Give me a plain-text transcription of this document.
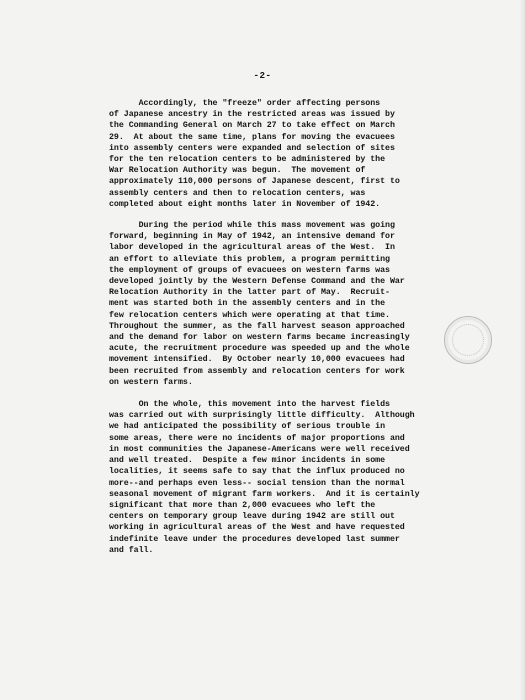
-2-
Accordingly, the "freeze" order affecting persons
of Japanese ancestry in the restricted areas was issued by
the Commanding General on March 27 to take effect on March
29.  At about the same time, plans for moving the evacuees
into assembly centers were expanded and selection of sites
for the ten relocation centers to be administered by the
War Relocation Authority was begun.  The movement of
approximately 110,000 persons of Japanese descent, first to
assembly centers and then to relocation centers, was
completed about eight months later in November of 1942.
During the period while this mass movement was going
forward, beginning in May of 1942, an intensive demand for
labor developed in the agricultural areas of the West.  In
an effort to alleviate this problem, a program permitting
the employment of groups of evacuees on western farms was
developed jointly by the Western Defense Command and the War
Relocation Authority in the latter part of May.  Recruit-
ment was started both in the assembly centers and in the
few relocation centers which were operating at that time.
Throughout the summer, as the fall harvest season approached
and the demand for labor on western farms became increasingly
acute, the recruitment procedure was speeded up and the whole
movement intensified.  By October nearly 10,000 evacuees had
been recruited from assembly and relocation centers for work
on western farms.
On the whole, this movement into the harvest fields
was carried out with surprisingly little difficulty.  Although
we had anticipated the possibility of serious trouble in
some areas, there were no incidents of major proportions and
in most communities the Japanese-Americans were well received
and well treated.  Despite a few minor incidents in some
localities, it seems safe to say that the influx produced no
more--and perhaps even less-- social tension than the normal
seasonal movement of migrant farm workers.  And it is certainly
significant that more than 2,000 evacuees who left the
centers on temporary group leave during 1942 are still out
working in agricultural areas of the West and have requested
indefinite leave under the procedures developed last summer
and fall.
